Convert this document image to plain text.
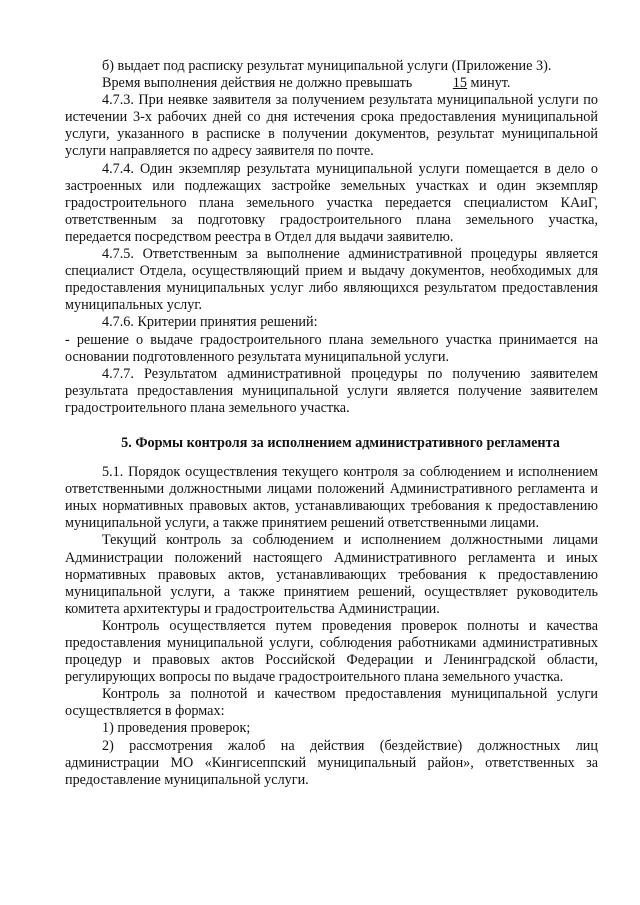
б) выдает под расписку результат муниципальной услуги (Приложение 3).

Время выполнения действия не должно превышать	15 минут.

4.7.3. При неявке заявителя за получением результата муниципальной услуги по истечении 3-х рабочих дней со дня истечения срока предоставления муниципальной услуги, указанного в расписке в получении документов, результат муниципальной услуги направляется по адресу заявителя по почте.

4.7.4. Один экземпляр результата муниципальной услуги помещается в дело о застроенных или подлежащих застройке земельных участках и один экземпляр градостроительного плана земельного участка передается специалистом КАиГ, ответственным за подготовку градостроительного плана земельного участка, передается посредством реестра в Отдел для выдачи заявителю.

4.7.5. Ответственным за выполнение административной процедуры является специалист Отдела, осуществляющий прием и выдачу документов, необходимых для предоставления муниципальных услуг либо являющихся результатом предоставления муниципальных услуг.

4.7.6. Критерии принятия решений:

- решение о выдаче градостроительного плана земельного участка принимается на основании подготовленного результата муниципальной услуги.

4.7.7. Результатом административной процедуры по получению заявителем результата предоставления муниципальной услуги является получение заявителем градостроительного плана земельного участка.

5. Формы контроля за исполнением административного регламента

5.1. Порядок осуществления текущего контроля за соблюдением и исполнением ответственными должностными лицами положений Административного регламента и иных нормативных правовых актов, устанавливающих требования к предоставлению муниципальной услуги, а также принятием решений ответственными лицами.

Текущий контроль за соблюдением и исполнением должностными лицами Администрации положений настоящего Административного регламента и иных нормативных правовых актов, устанавливающих требования к предоставлению муниципальной услуги, а также принятием решений, осуществляет руководитель комитета архитектуры и градостроительства Администрации.

Контроль осуществляется путем проведения проверок полноты и качества предоставления муниципальной услуги, соблюдения работниками административных процедур и правовых актов Российской Федерации и Ленинградской области, регулирующих вопросы по выдаче градостроительного плана земельного участка.

Контроль за полнотой и качеством предоставления муниципальной услуги осуществляется в формах:

1) проведения проверок;

2) рассмотрения жалоб на действия (бездействие) должностных лиц администрации МО «Кингисеппский муниципальный район», ответственных за предоставление муниципальной услуги.
